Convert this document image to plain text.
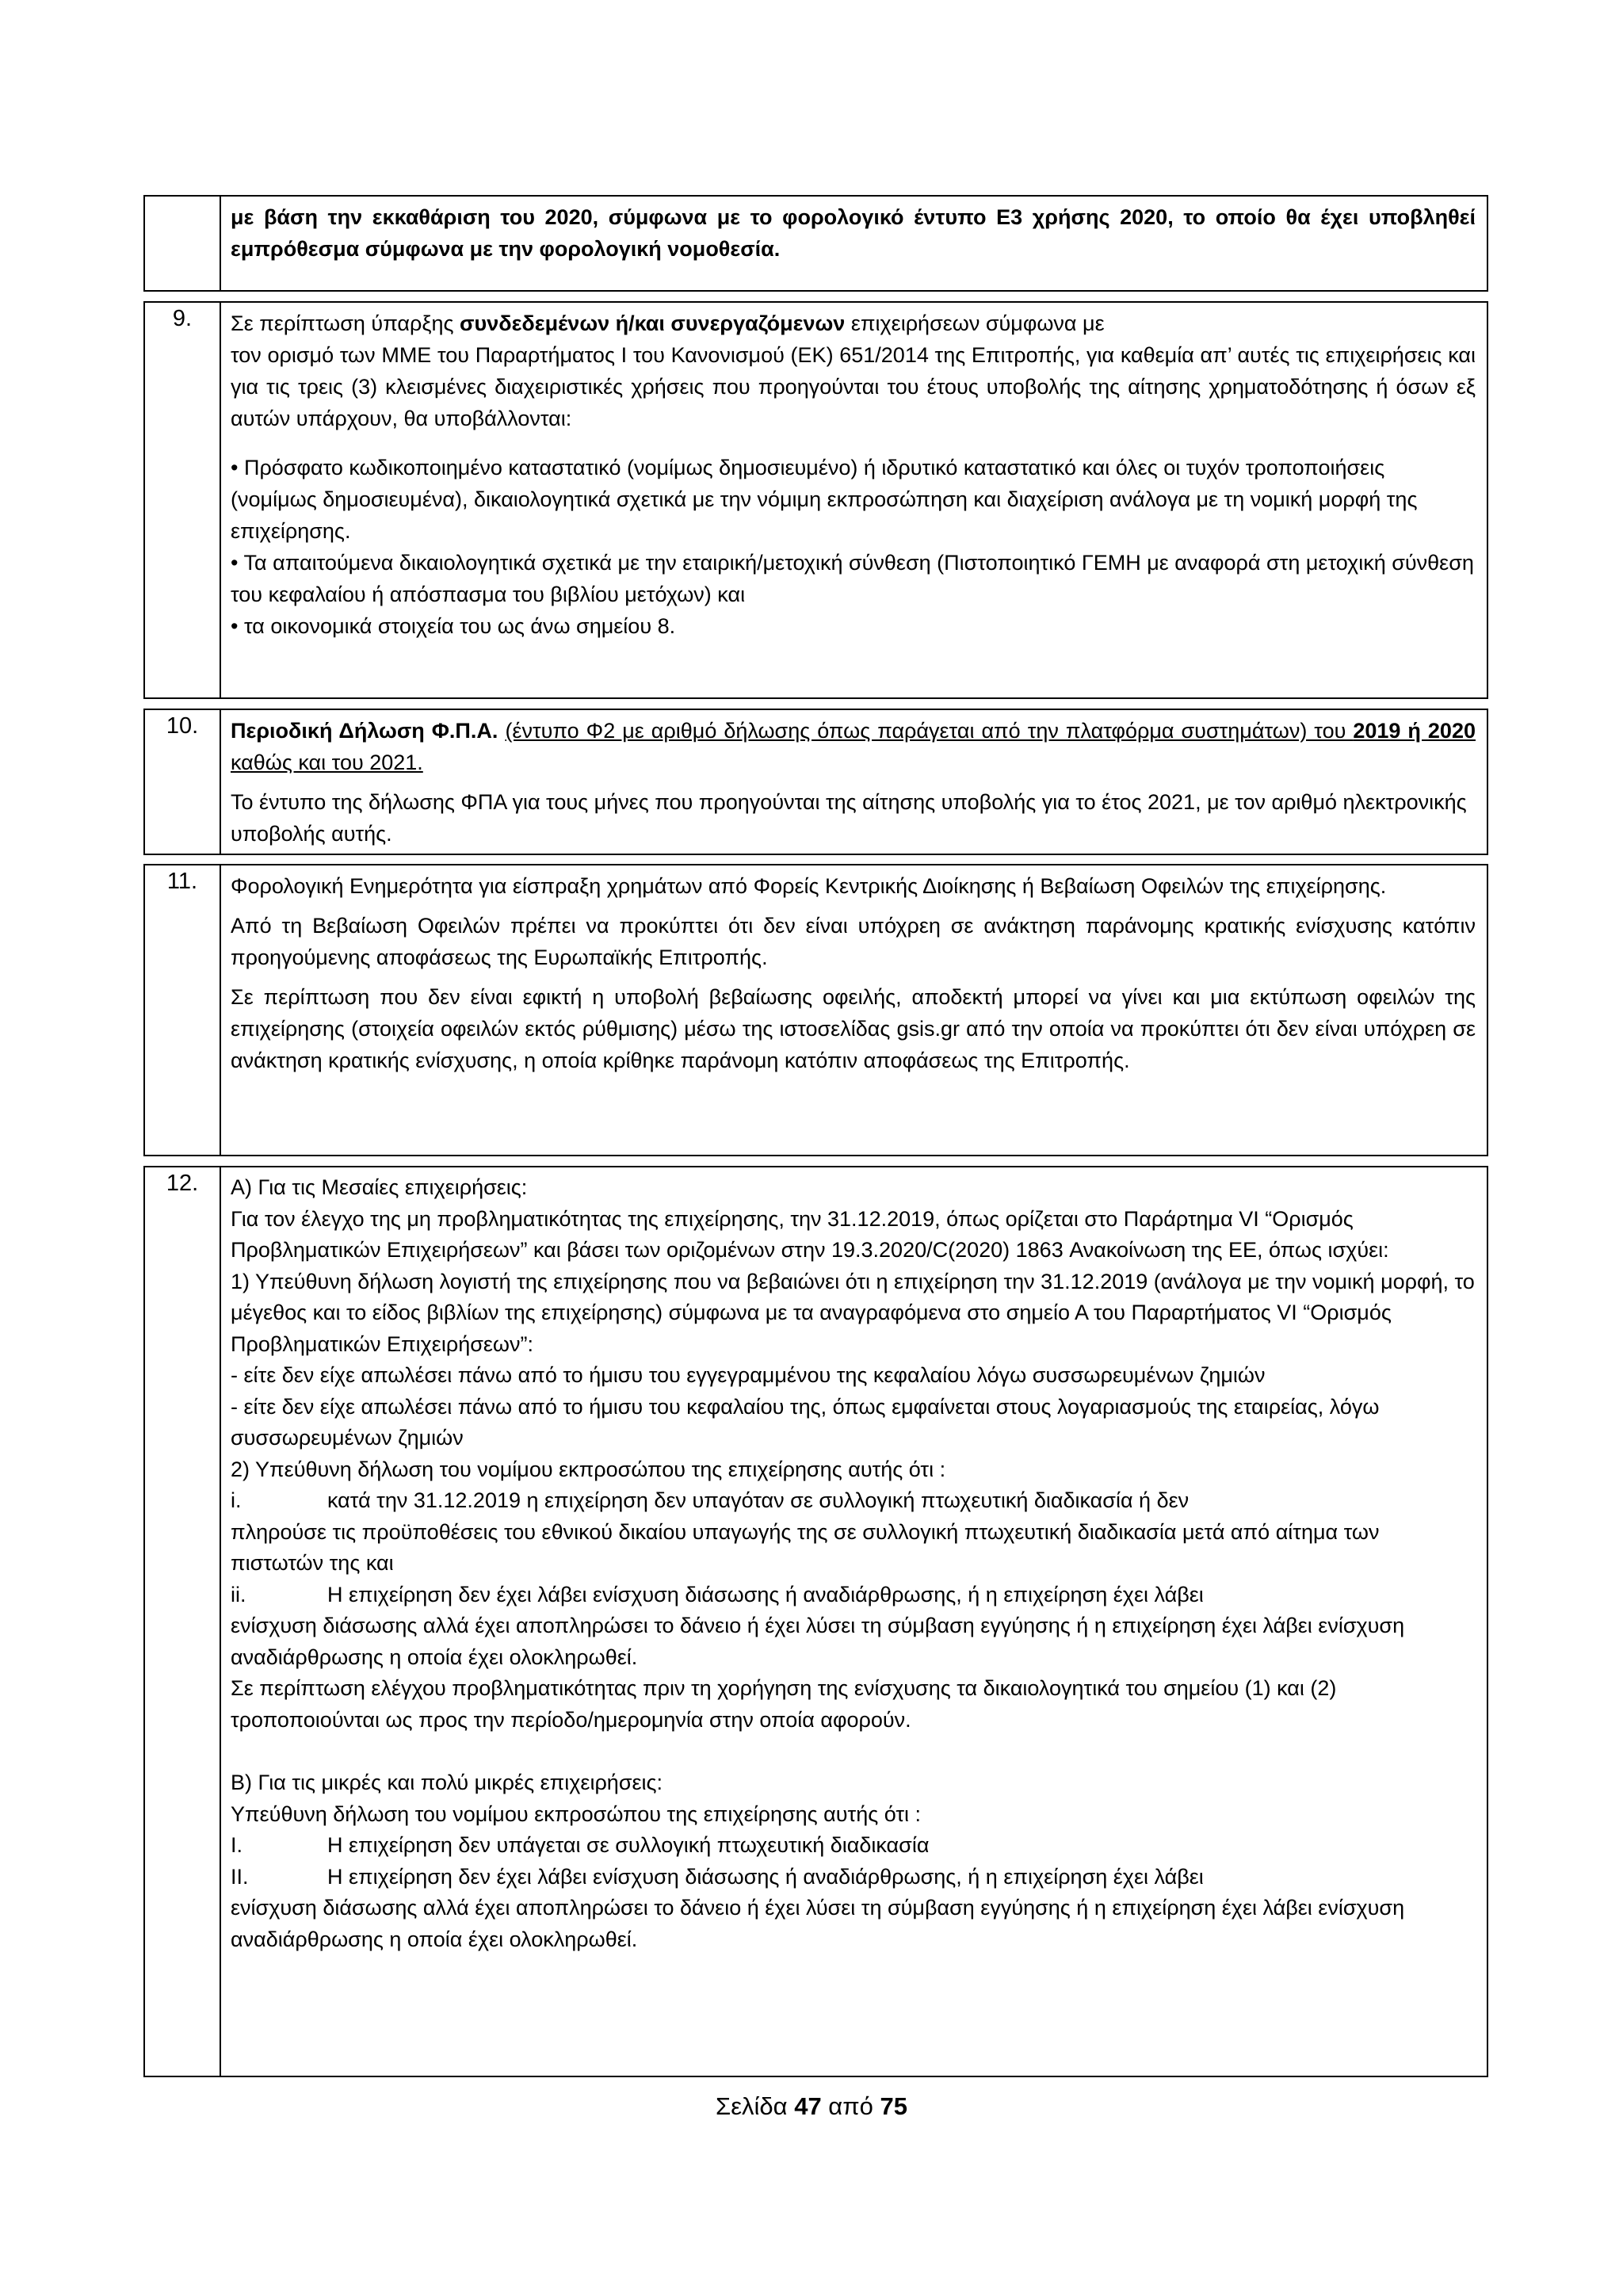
με βάση την εκκαθάριση του 2020, σύμφωνα με το φορολογικό έντυπο Ε3 χρήσης 2020, το οποίο θα έχει υποβληθεί εμπρόθεσμα σύμφωνα με την φορολογική νομοθεσία.

9.	Σε περίπτωση ύπαρξης συνδεδεμένων ή/και συνεργαζόμενων επιχειρήσεων σύμφωνα με

τον ορισμό των ΜΜΕ του Παραρτήματος Ι του Κανονισμού (ΕΚ) 651/2014 της Επιτροπής, για καθεμία απ’ αυτές τις επιχειρήσεις και για τις τρεις (3) κλεισμένες διαχειριστικές χρήσεις που προηγούνται του έτους υποβολής της αίτησης χρηματοδότησης ή όσων εξ αυτών υπάρχουν, θα υποβάλλονται:

• Πρόσφατο κωδικοποιημένο καταστατικό (νομίμως δημοσιευμένο) ή ιδρυτικό καταστατικό και όλες οι τυχόν τροποποιήσεις (νομίμως δημοσιευμένα), δικαιολογητικά σχετικά με την νόμιμη εκπροσώπηση και διαχείριση ανάλογα με τη νομική μορφή της επιχείρησης.

• Τα απαιτούμενα δικαιολογητικά σχετικά με την εταιρική/μετοχική σύνθεση (Πιστοποιητικό ΓΕΜΗ με αναφορά στη μετοχική σύνθεση του κεφαλαίου ή απόσπασμα του βιβλίου μετόχων) και

• τα οικονομικά στοιχεία του ως άνω σημείου 8.

10.	Περιοδική Δήλωση Φ.Π.Α. (έντυπο Φ2 με αριθμό δήλωσης όπως παράγεται από την πλατφόρμα συστημάτων) του 2019 ή 2020 καθώς και του 2021.

Το έντυπο της δήλωσης ΦΠΑ για τους μήνες που προηγούνται της αίτησης υποβολής για το έτος 2021, με τον αριθμό ηλεκτρονικής υποβολής αυτής.

11.	Φορολογική Ενημερότητα για είσπραξη χρημάτων από Φορείς Κεντρικής Διοίκησης ή Βεβαίωση Οφειλών της επιχείρησης.

Από τη Βεβαίωση Οφειλών πρέπει να προκύπτει ότι δεν είναι υπόχρεη σε ανάκτηση παράνομης κρατικής ενίσχυσης κατόπιν προηγούμενης αποφάσεως της Ευρωπαϊκής Επιτροπής.

Σε περίπτωση που δεν είναι εφικτή η υποβολή βεβαίωσης οφειλής, αποδεκτή μπορεί να γίνει και μια εκτύπωση οφειλών της επιχείρησης (στοιχεία οφειλών εκτός ρύθμισης) μέσω της ιστοσελίδας gsis.gr από την οποία να προκύπτει ότι δεν είναι υπόχρεη σε ανάκτηση κρατικής ενίσχυσης, η οποία κρίθηκε παράνομη κατόπιν αποφάσεως της Επιτροπής.

12.	Α) Για τις Μεσαίες επιχειρήσεις:

Για τον έλεγχο της μη προβληματικότητας της επιχείρησης, την 31.12.2019, όπως ορίζεται στο Παράρτημα VI “Ορισμός Προβληματικών Επιχειρήσεων” και βάσει των οριζομένων στην 19.3.2020/C(2020) 1863 Ανακοίνωση της ΕΕ, όπως ισχύει:

1) Υπεύθυνη δήλωση λογιστή της επιχείρησης που να βεβαιώνει ότι η επιχείρηση την 31.12.2019 (ανάλογα με την νομική μορφή, το μέγεθος και το είδος βιβλίων της επιχείρησης) σύμφωνα με τα αναγραφόμενα στο σημείο Α του Παραρτήματος VI “Ορισμός Προβληματικών Επιχειρήσεων”:

- είτε δεν είχε απωλέσει πάνω από το ήμισυ του εγγεγραμμένου της κεφαλαίου λόγω συσσωρευμένων ζημιών

- είτε δεν είχε απωλέσει πάνω από το ήμισυ του κεφαλαίου της, όπως εμφαίνεται στους λογαριασμούς της εταιρείας, λόγω συσσωρευμένων ζημιών

2) Υπεύθυνη δήλωση του νομίμου εκπροσώπου της επιχείρησης αυτής ότι :

i.	κατά την 31.12.2019 η επιχείρηση δεν υπαγόταν σε συλλογική πτωχευτική διαδικασία ή δεν

πληρούσε τις προϋποθέσεις του εθνικού δικαίου υπαγωγής της σε συλλογική πτωχευτική διαδικασία μετά από αίτημα των πιστωτών της και

ii.	Η επιχείρηση δεν έχει λάβει ενίσχυση διάσωσης ή αναδιάρθρωσης, ή η επιχείρηση έχει λάβει

ενίσχυση διάσωσης αλλά έχει αποπληρώσει το δάνειο ή έχει λύσει τη σύμβαση εγγύησης ή η επιχείρηση έχει λάβει ενίσχυση αναδιάρθρωσης η οποία έχει ολοκληρωθεί.

Σε περίπτωση ελέγχου προβληματικότητας πριν τη χορήγηση της ενίσχυσης τα δικαιολογητικά του σημείου (1) και (2) τροποποιούνται ως προς την περίοδο/ημερομηνία στην οποία αφορούν.

Β) Για τις μικρές και πολύ μικρές επιχειρήσεις:

Υπεύθυνη δήλωση του νομίμου εκπροσώπου της επιχείρησης αυτής ότι :

I.	Η επιχείρηση δεν υπάγεται σε συλλογική πτωχευτική διαδικασία
II.	Η επιχείρηση δεν έχει λάβει ενίσχυση διάσωσης ή αναδιάρθρωσης, ή η επιχείρηση έχει λάβει

ενίσχυση διάσωσης αλλά έχει αποπληρώσει το δάνειο ή έχει λύσει τη σύμβαση εγγύησης ή η επιχείρηση έχει λάβει ενίσχυση αναδιάρθρωσης η οποία έχει ολοκληρωθεί.

Σελίδα 47 από 75
